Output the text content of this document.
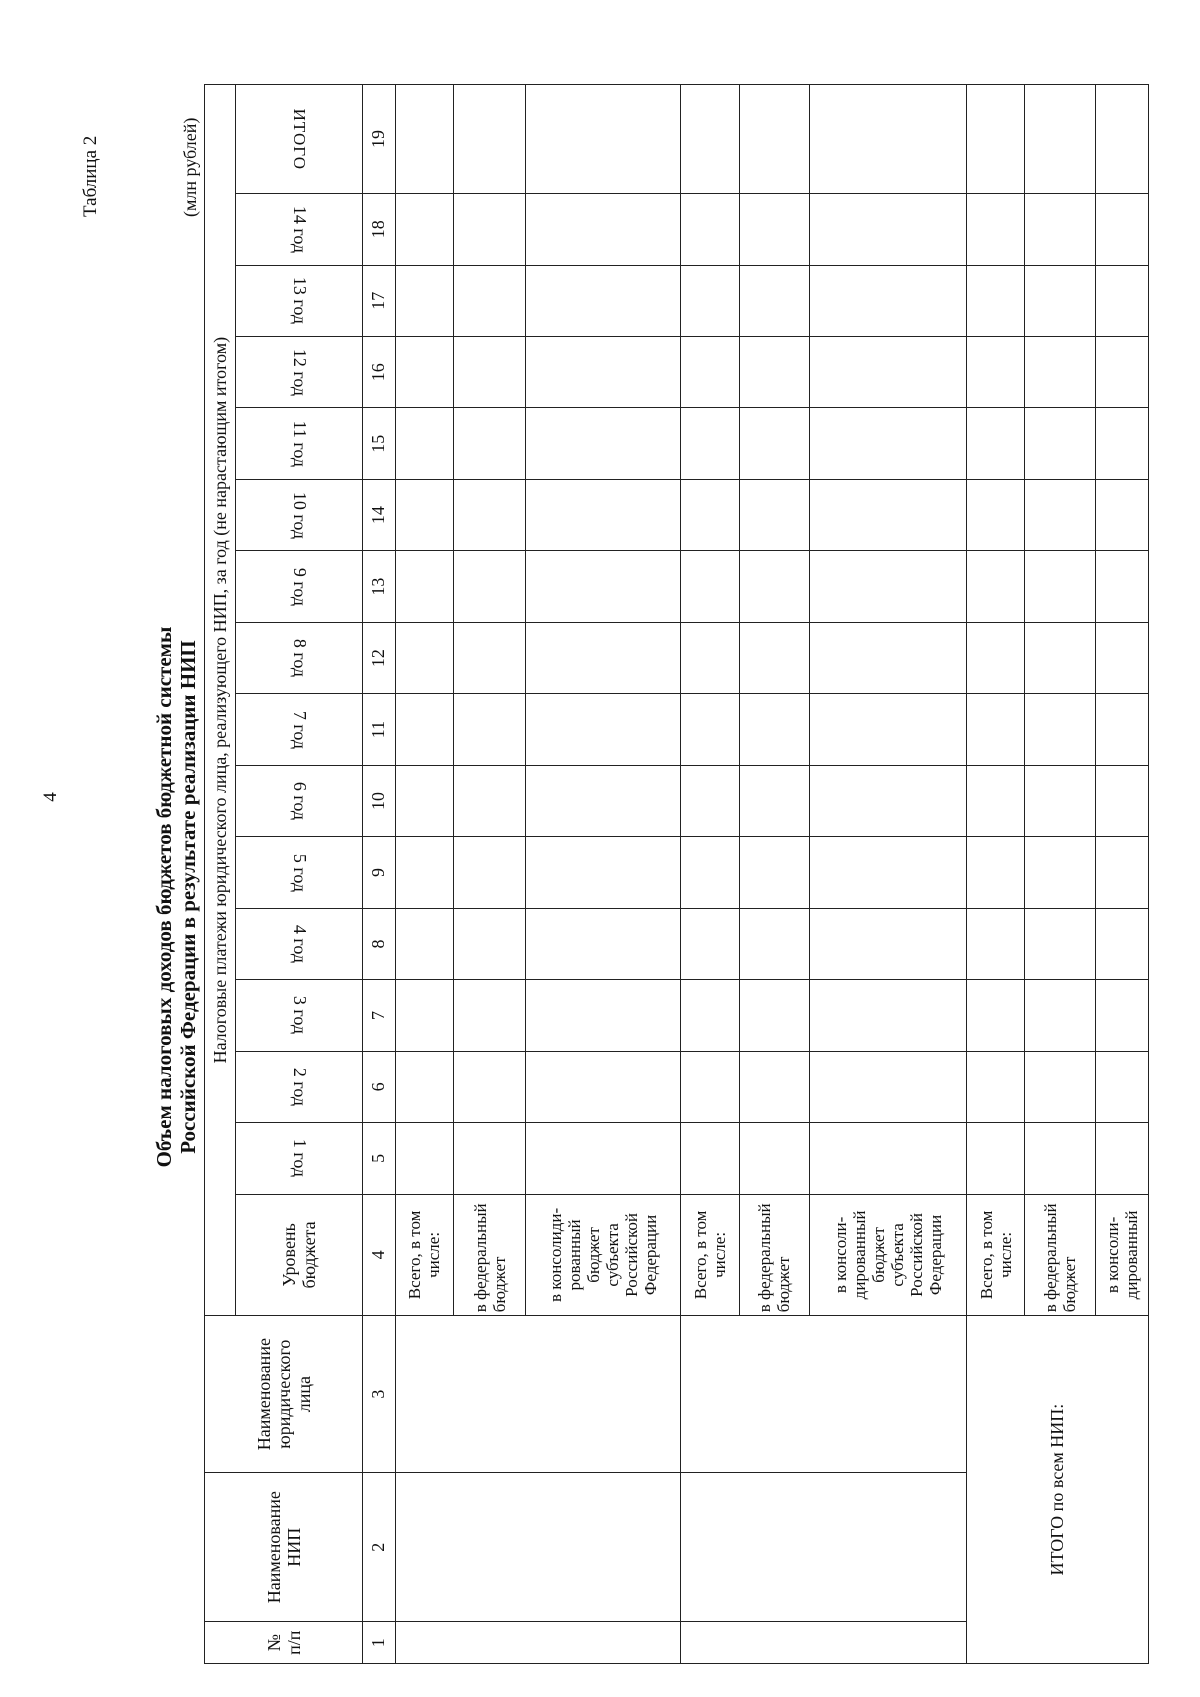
4
Таблица 2
Объем налоговых доходов бюджетов бюджетной системы Российской Федерации в результате реализации НИП
(млн рублей)
№ п/п	Наименование НИП	Наименование юридического лица	Налоговые платежи юридического лица, реализующего НИП, за год (не нарастающим итогом)															
			Уровень бюджета	1 год	2 год	3 год	4 год	5 год	6 год	7 год	8 год	9 год	10 год	11 год	12 год	13 год	14 год	ИТОГО
1	2	3	4	5	6	7	8	9	10	11	12	13	14	15	16	17	18	19
			Всего, в том числе:															
			в федеральный бюджет															
			в консолиди-рованный бюджет субъекта Российской Федерации															
			Всего, в том числе:															
			в федеральный бюджет															
			в консоли-дированный бюджет субъекта Российской Федерации															
ИТОГО по всем НИП:			Всего, в том числе:															
			в федеральный бюджет															
			в консоли-дированный															
